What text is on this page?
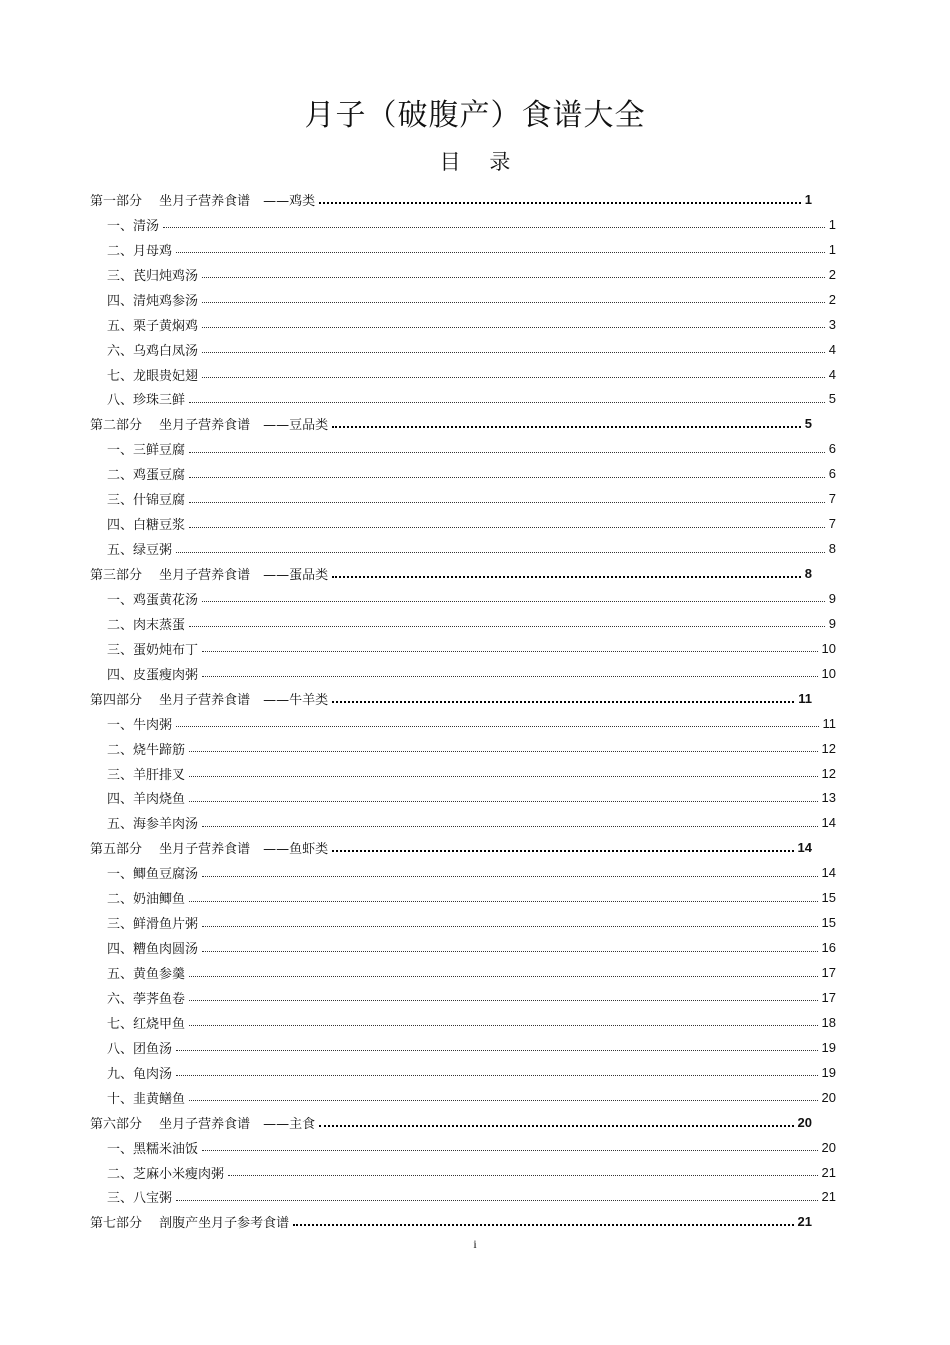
月子（破腹产）食谱大全
目 录
第一部分　 坐月子营养食谱　——鸡类	1
一、清汤	1
二、月母鸡	1
三、芪归炖鸡汤	2
四、清炖鸡参汤	2
五、栗子黄焖鸡	3
六、乌鸡白凤汤	4
七、龙眼贵妃翅	4
八、珍珠三鲜	5
第二部分　 坐月子营养食谱　——豆品类	5
一、三鲜豆腐	6
二、鸡蛋豆腐	6
三、什锦豆腐	7
四、白糖豆浆	7
五、绿豆粥	8
第三部分　 坐月子营养食谱　——蛋品类	8
一、鸡蛋黄花汤	9
二、肉末蒸蛋	9
三、蛋奶炖布丁	10
四、皮蛋瘦肉粥	10
第四部分　 坐月子营养食谱　——牛羊类	11
一、牛肉粥	11
二、烧牛蹄筋	12
三、羊肝排叉	12
四、羊肉烧鱼	13
五、海参羊肉汤	14
第五部分　 坐月子营养食谱　——鱼虾类	14
一、鲫鱼豆腐汤	14
二、奶油鲫鱼	15
三、鲜滑鱼片粥	15
四、糟鱼肉圆汤	16
五、黄鱼参羹	17
六、荸荠鱼卷	17
七、红烧甲鱼	18
八、团鱼汤	19
九、龟肉汤	19
十、韭黄鳝鱼	20
第六部分　 坐月子营养食谱　——主食	20
一、黑糯米油饭	20
二、芝麻小米瘦肉粥	21
三、八宝粥	21
第七部分　 剖腹产坐月子参考食谱	21
i
